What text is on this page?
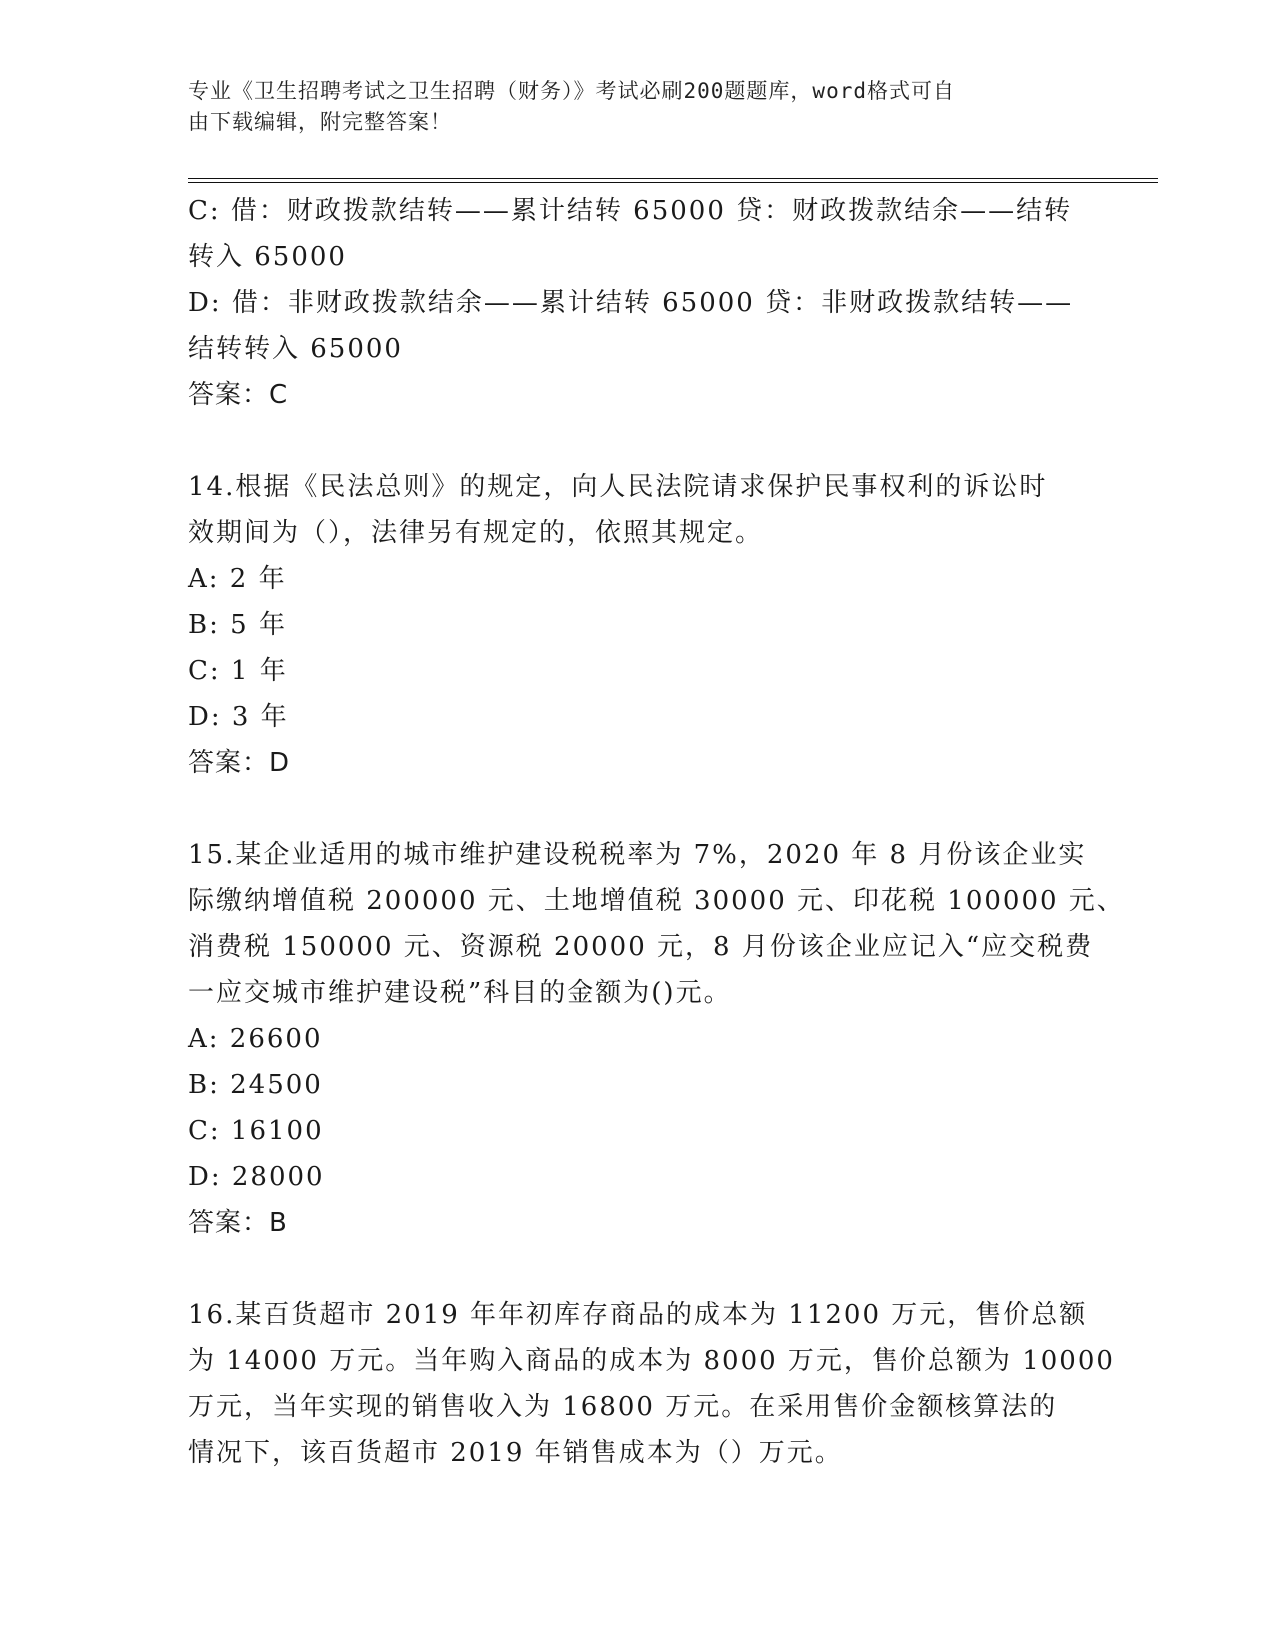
专业《卫生招聘考试之卫生招聘（财务）》考试必刷200题题库，word格式可自
由下载编辑，附完整答案！
C: 借：财政拨款结转——累计结转 65000 贷：财政拨款结余——结转
转入 65000
D: 借：非财政拨款结余——累计结转 65000 贷：非财政拨款结转——
结转转入 65000
答案：C
14.根据《民法总则》的规定，向人民法院请求保护民事权利的诉讼时
效期间为（），法律另有规定的，依照其规定。
A: 2 年
B: 5 年
C: 1 年
D: 3 年
答案：D
15.某企业适用的城市维护建设税税率为 7%，2020 年 8 月份该企业实
际缴纳增值税 200000 元、土地增值税 30000 元、印花税 100000 元、
消费税 150000 元、资源税 20000 元，8 月份该企业应记入“应交税费
一应交城市维护建设税”科目的金额为()元。
A: 26600
B: 24500
C: 16100
D: 28000
答案：B
16.某百货超市 2019 年年初库存商品的成本为 11200 万元，售价总额
为 14000 万元。当年购入商品的成本为 8000 万元，售价总额为 10000
万元，当年实现的销售收入为 16800 万元。在采用售价金额核算法的
情况下，该百货超市 2019 年销售成本为（）万元。
